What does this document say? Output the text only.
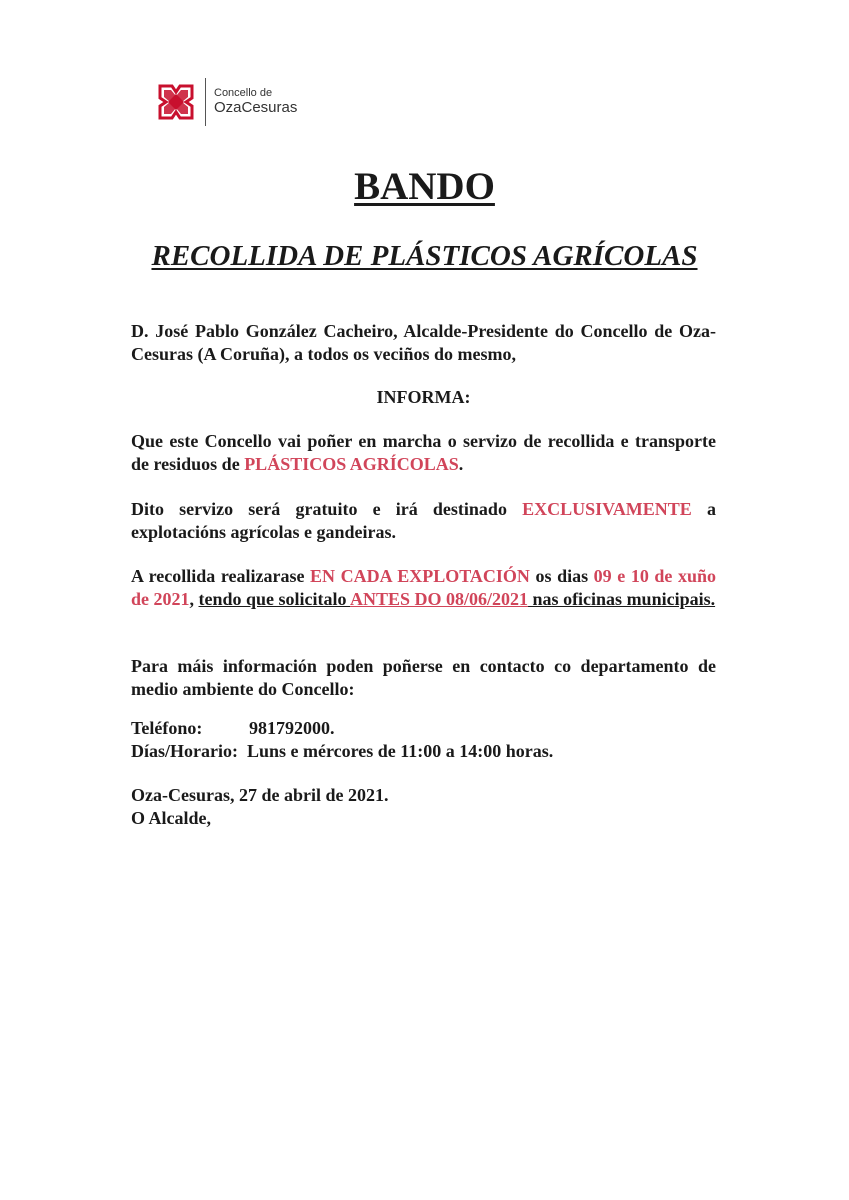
Concello de
OzaCesuras
BANDO
RECOLLIDA DE PLÁSTICOS AGRÍCOLAS
D. José Pablo González Cacheiro, Alcalde-Presidente do Concello de Oza-Cesuras (A Coruña), a todos os veciños do mesmo,
INFORMA:
Que este Concello vai poñer en marcha o servizo de recollida e transporte de residuos de PLÁSTICOS AGRÍCOLAS.
Dito servizo será gratuito e irá destinado EXCLUSIVAMENTE a explotacións agrícolas e gandeiras.
A recollida realizarase EN CADA EXPLOTACIÓN os dias 09 e 10 de xuño de 2021, tendo que solicitalo ANTES DO 08/06/2021 nas oficinas municipais.
Para máis información poden poñerse en contacto co departamento de medio ambiente do Concello:
Teléfono:	981792000.
Días/Horario: Luns e mércores de 11:00 a 14:00 horas.
Oza-Cesuras, 27 de abril de 2021.
O Alcalde,
